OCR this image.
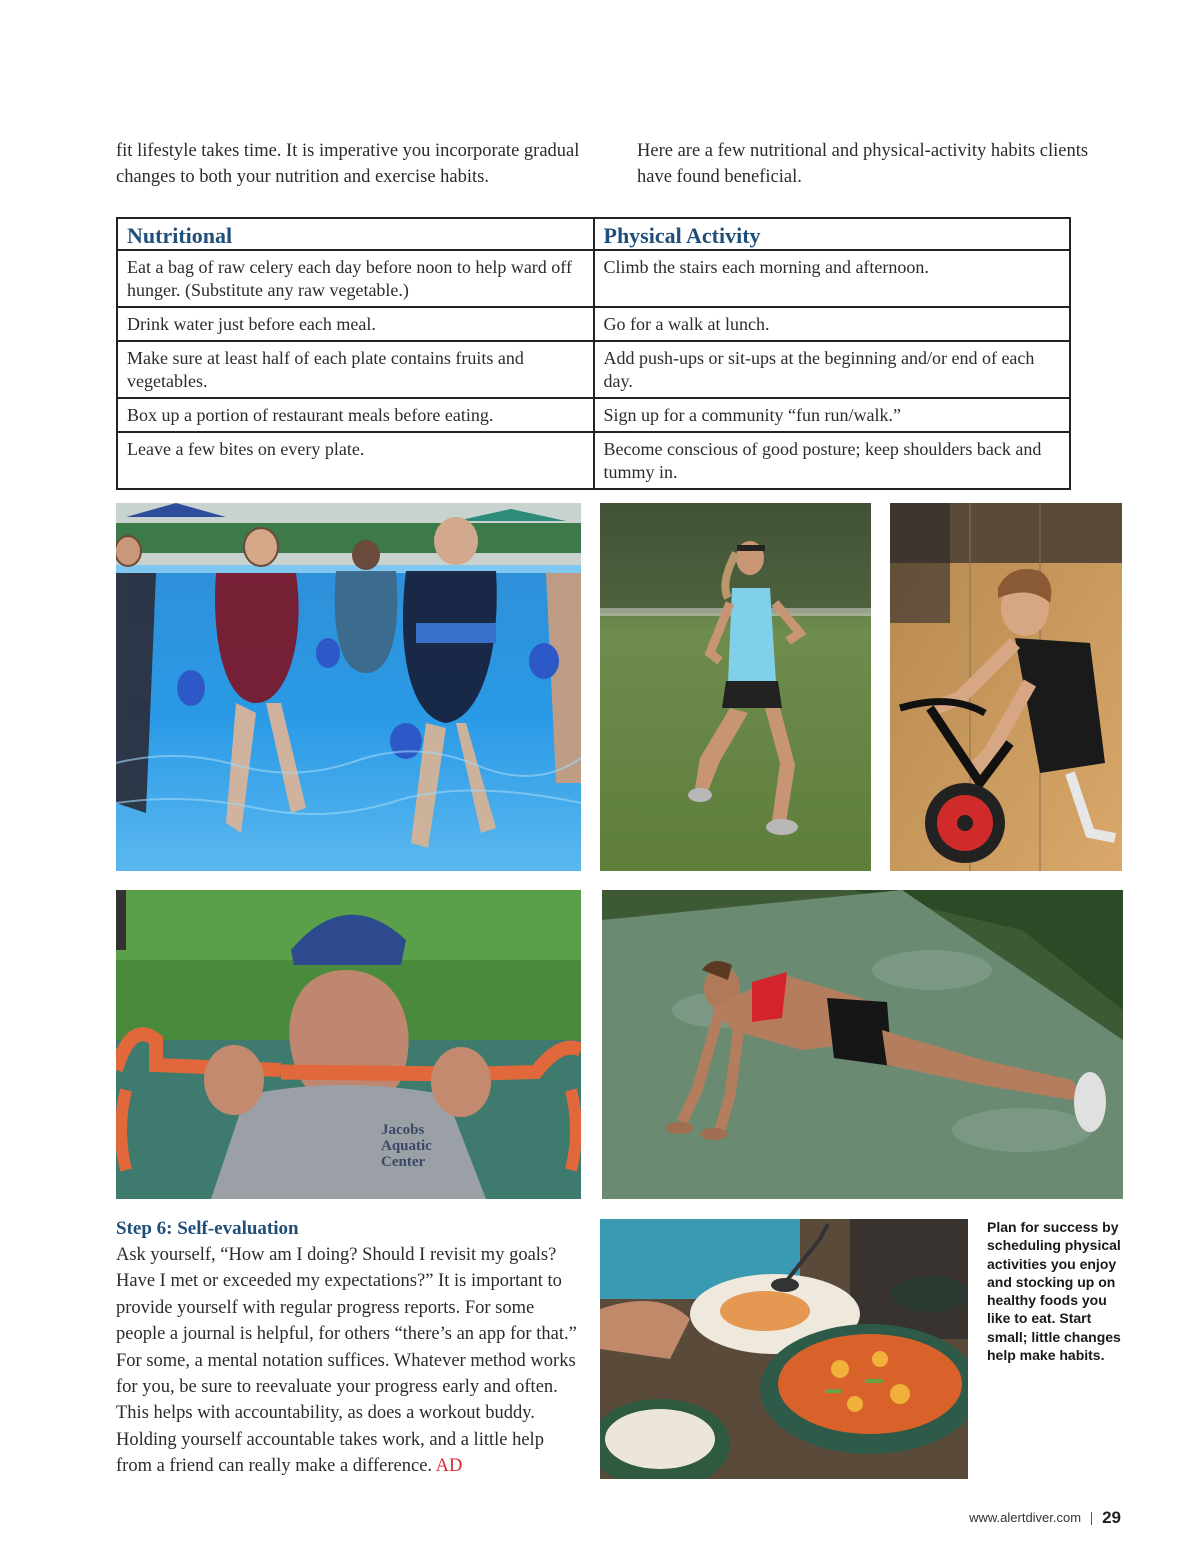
fit lifestyle takes time. It is imperative you incorporate gradual changes to both your nutrition and exercise habits.
Here are a few nutritional and physical-activity habits clients have found beneficial.
Nutritional	Physical Activity
Eat a bag of raw celery each day before noon to help ward off hunger. (Substitute any raw vegetable.)	Climb the stairs each morning and afternoon.
Drink water just before each meal.	Go for a walk at lunch.
Make sure at least half of each plate contains fruits and vegetables.	Add push-ups or sit-ups at the beginning and/or end of each day.
Box up a portion of restaurant meals before eating.	Sign up for a community “fun run/walk.”
Leave a few bites on every plate.	Become conscious of good posture; keep shoulders back and tummy in.
Jacobs
Aquatic
Center
Step 6: Self-evaluation
Ask yourself, “How am I doing? Should I revisit my goals? Have I met or exceeded my expectations?” It is important to provide yourself with regular progress reports. For some people a journal is helpful, for others “there’s an app for that.” For some, a mental notation suffices. Whatever method works for you, be sure to reevaluate your progress early and often. This helps with accountability, as does a workout buddy. Holding yourself accountable takes work, and a little help from a friend can really make a difference. AD
Plan for success by scheduling physical activities you enjoy and stocking up on healthy foods you like to eat. Start small; little changes help make habits.
www.alertdiver.com 29
